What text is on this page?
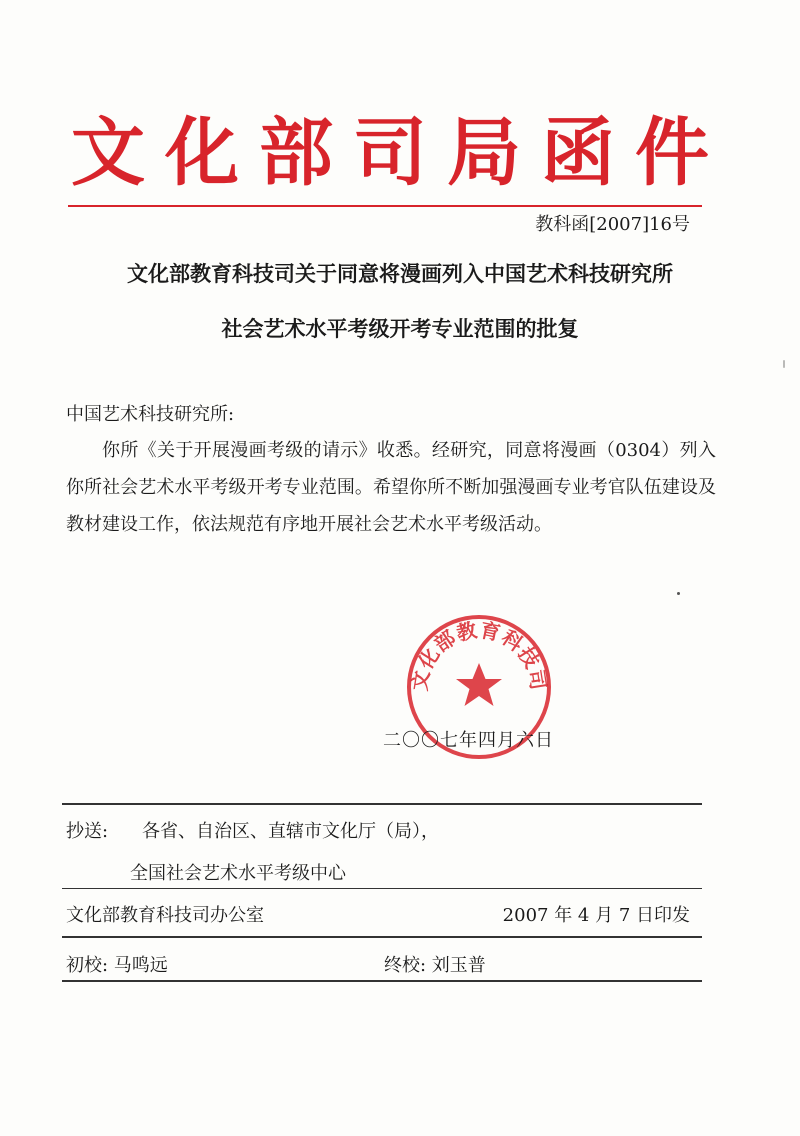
文化部司局函件
教科函[2007]16号
文化部教育科技司关于同意将漫画列入中国艺术科技研究所
社会艺术水平考级开考专业范围的批复
中国艺术科技研究所:

你所《关于开展漫画考级的请示》收悉。经研究，同意将漫画（0304）列入你所社会艺术水平考级开考专业范围。希望你所不断加强漫画专业考官队伍建设及教材建设工作，依法规范有序地开展社会艺术水平考级活动。

文化部教育科技司
二〇〇七年四月六日
抄送: 各省、自治区、直辖市文化厅（局），
全国社会艺术水平考级中心
文化部教育科技司办公室	2007 年 4 月 7 日印发
初校: 马鸣远	终校: 刘玉普
